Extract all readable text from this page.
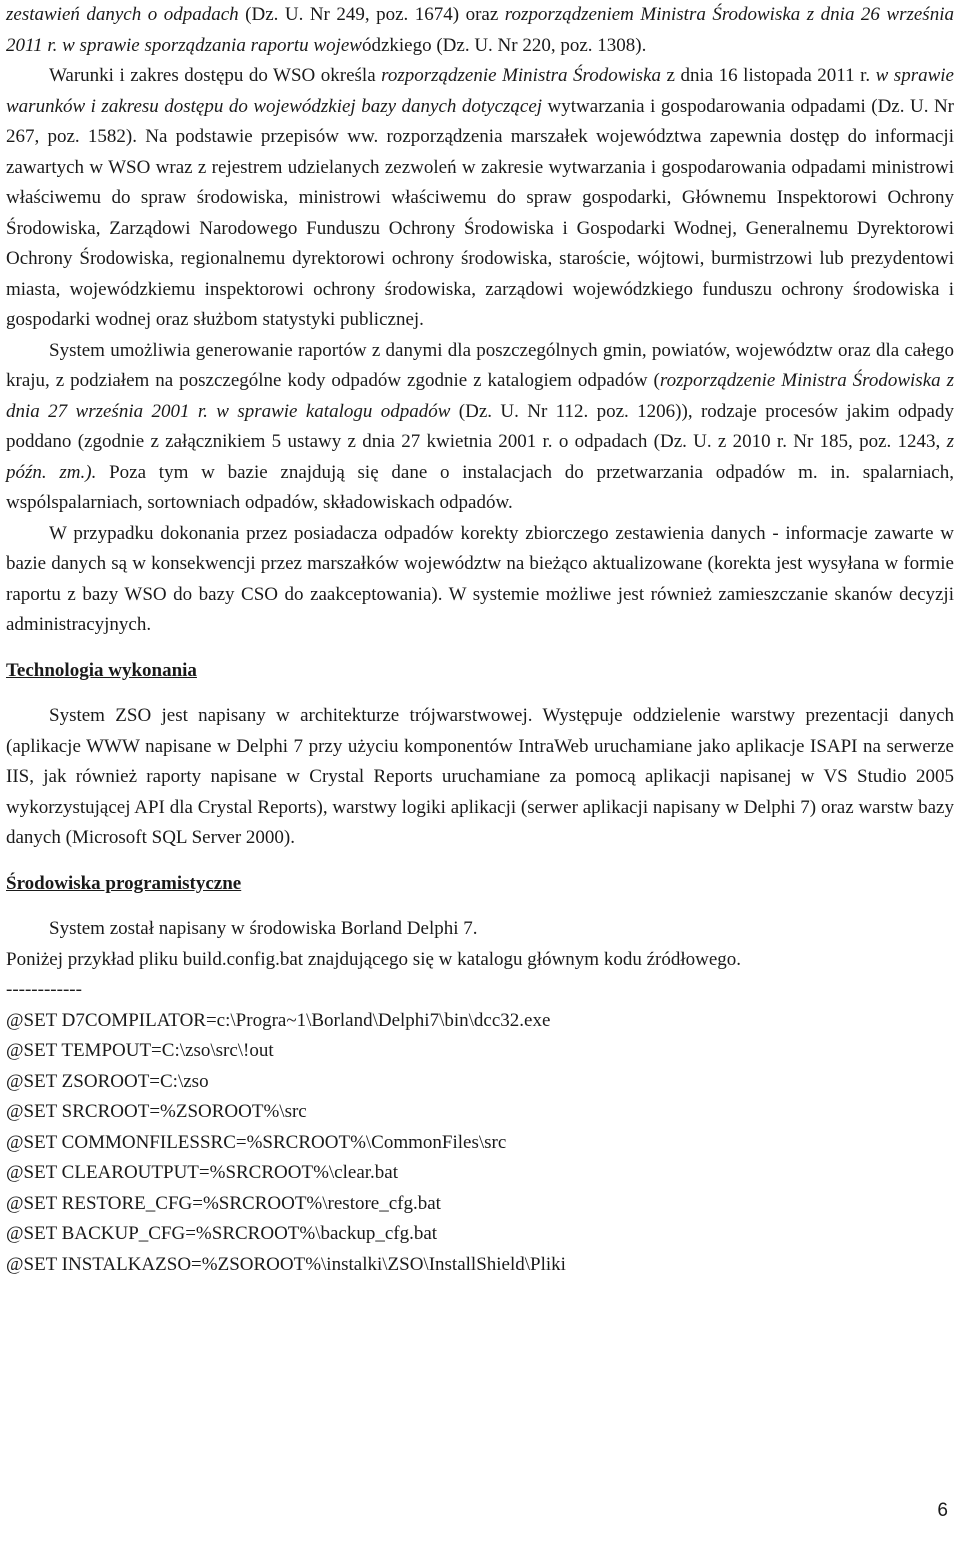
zestawień danych o odpadach (Dz. U. Nr 249, poz. 1674) oraz rozporządzeniem Ministra Środowiska z dnia 26 września 2011 r. w sprawie sporządzania raportu wojewódzkiego (Dz. U. Nr 220, poz. 1308).

Warunki i zakres dostępu do WSO określa rozporządzenie Ministra Środowiska z dnia 16 listopada 2011 r. w sprawie warunków i zakresu dostępu do wojewódzkiej bazy danych dotyczącej wytwarzania i gospodarowania odpadami (Dz. U. Nr 267, poz. 1582). Na podstawie przepisów ww. rozporządzenia marszałek województwa zapewnia dostęp do informacji zawartych w WSO wraz z rejestrem udzielanych zezwoleń w zakresie wytwarzania i gospodarowania odpadami ministrowi właściwemu do spraw środowiska, ministrowi właściwemu do spraw gospodarki, Głównemu Inspektorowi Ochrony Środowiska, Zarządowi Narodowego Funduszu Ochrony Środowiska i Gospodarki Wodnej, Generalnemu Dyrektorowi Ochrony Środowiska, regionalnemu dyrektorowi ochrony środowiska, staroście, wójtowi, burmistrzowi lub prezydentowi miasta, wojewódzkiemu inspektorowi ochrony środowiska, zarządowi wojewódzkiego funduszu ochrony środowiska i gospodarki wodnej oraz służbom statystyki publicznej.

System umożliwia generowanie raportów z danymi dla poszczególnych gmin, powiatów, województw oraz dla całego kraju, z podziałem na poszczególne kody odpadów zgodnie z katalogiem odpadów (rozporządzenie Ministra Środowiska z dnia 27 września 2001 r. w sprawie katalogu odpadów (Dz. U. Nr 112. poz. 1206)), rodzaje procesów jakim odpady poddano (zgodnie z załącznikiem 5 ustawy z dnia 27 kwietnia 2001 r. o odpadach (Dz. U. z 2010 r. Nr 185, poz. 1243, z późn. zm.). Poza tym w bazie znajdują się dane o instalacjach do przetwarzania odpadów m. in. spalarniach, wspólspalarniach, sortowniach odpadów, składowiskach odpadów.

W przypadku dokonania przez posiadacza odpadów korekty zbiorczego zestawienia danych - informacje zawarte w bazie danych są w konsekwencji przez marszałków województw na bieżąco aktualizowane (korekta jest wysyłana w formie raportu z bazy WSO do bazy CSO do zaakceptowania). W systemie możliwe jest również zamieszczanie skanów decyzji administracyjnych.

Technologia wykonania

System ZSO jest napisany w architekturze trójwarstwowej. Występuje oddzielenie warstwy prezentacji danych (aplikacje WWW napisane w Delphi 7 przy użyciu komponentów IntraWeb uruchamiane jako aplikacje ISAPI na serwerze IIS, jak również raporty napisane w Crystal Reports uruchamiane za pomocą aplikacji napisanej w VS Studio 2005 wykorzystującej API dla Crystal Reports), warstwy logiki aplikacji (serwer aplikacji napisany w Delphi 7) oraz warstw bazy danych (Microsoft SQL Server 2000).

Środowiska programistyczne

System został napisany w środowiska Borland Delphi 7.

Poniżej przykład pliku build.config.bat znajdującego się w katalogu głównym kodu źródłowego.

------------

@SET D7COMPILATOR=c:\Progra~1\Borland\Delphi7\bin\dcc32.exe

@SET TEMPOUT=C:\zso\src\!out

@SET ZSOROOT=C:\zso

@SET SRCROOT=%ZSOROOT%\src

@SET COMMONFILESSRC=%SRCROOT%\CommonFiles\src

@SET CLEAROUTPUT=%SRCROOT%\clear.bat

@SET RESTORE_CFG=%SRCROOT%\restore_cfg.bat

@SET BACKUP_CFG=%SRCROOT%\backup_cfg.bat

@SET INSTALKAZSO=%ZSOROOT%\instalki\ZSO\InstallShield\Pliki

6
